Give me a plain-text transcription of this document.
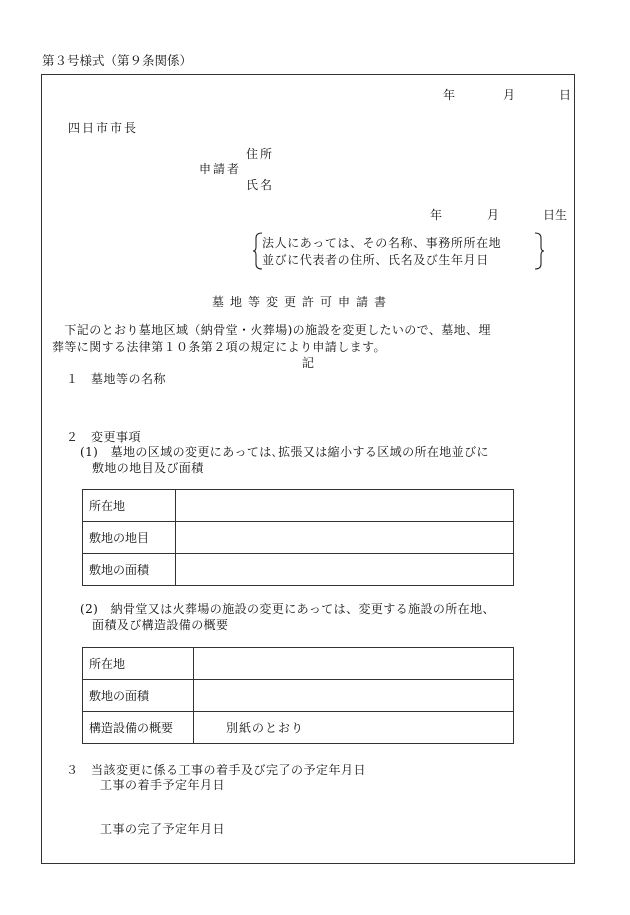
第３号様式（第９条関係）
年	月	日
四日市市長
住所
申請者
氏名
年	月	日生
法人にあっては、その名称、事務所所在地
並びに代表者の住所、氏名及び生年月日
墓地等変更許可申請書
　下記のとおり墓地区域（納骨堂・火葬場)の施設を変更したいので、墓地、埋
葬等に関する法律第１０条第２項の規定により申請します。
記
１　墓地等の名称
２　変更事項
(1)　墓地の区域の変更にあっては､拡張又は縮小する区域の所在地並びに
敷地の地目及び面積
所在地	
敷地の地目	
敷地の面積	
(2)　納骨堂又は火葬場の施設の変更にあっては、変更する施設の所在地、
面積及び構造設備の概要
所在地	
敷地の面積	
構造設備の概要	別紙のとおり
３　当該変更に係る工事の着手及び完了の予定年月日
工事の着手予定年月日
工事の完了予定年月日
